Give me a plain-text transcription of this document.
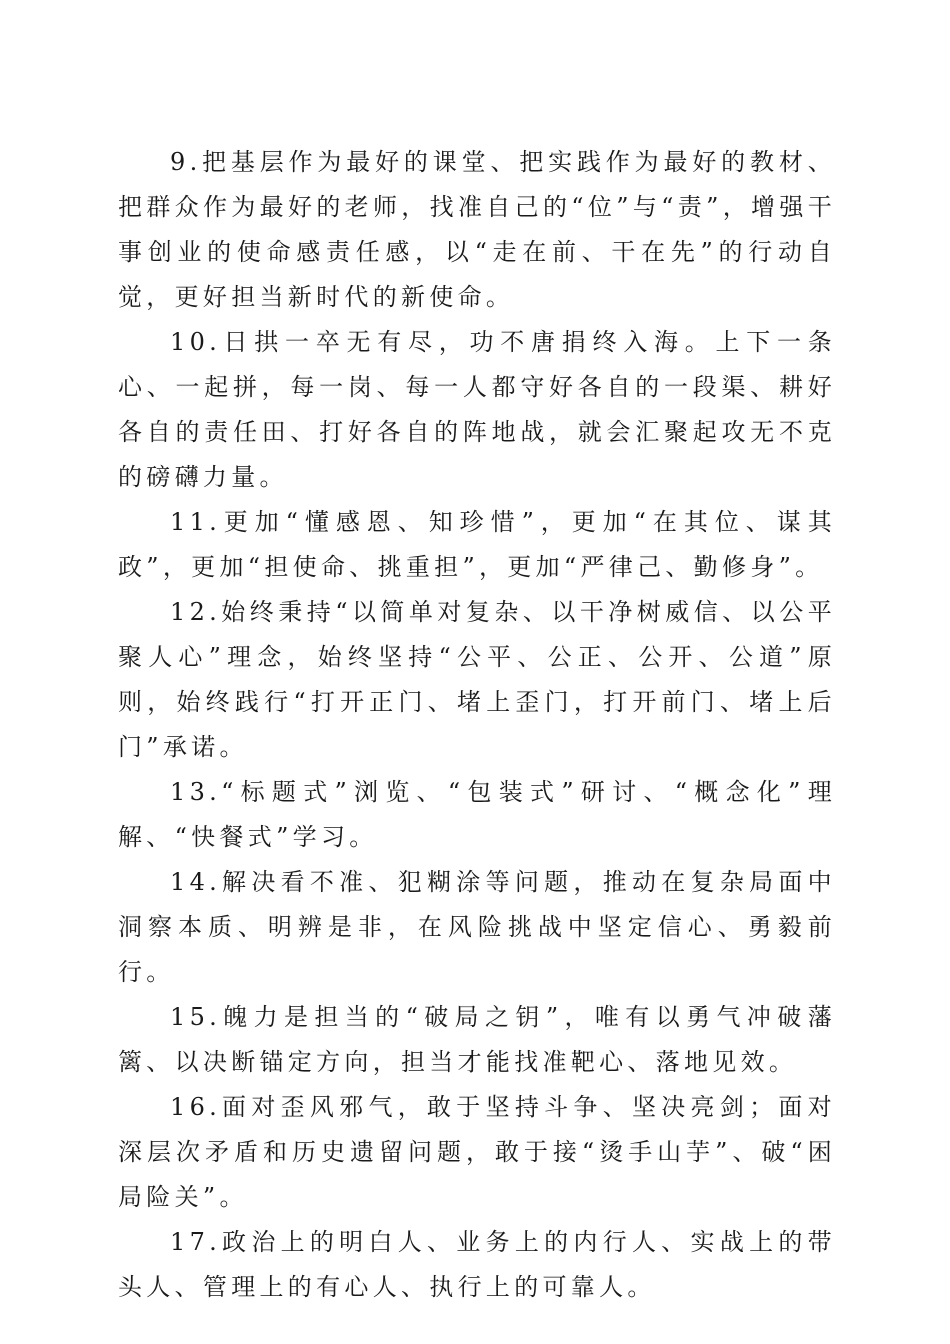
9.把基层作为最好的课堂、把实践作为最好的教材、把群众作为最好的老师，找准自己的“位”与“责”，增强干事创业的使命感责任感，以“走在前、干在先”的行动自觉，更好担当新时代的新使命。

10.日拱一卒无有尽，功不唐捐终入海。上下一条心、一起拼，每一岗、每一人都守好各自的一段渠、耕好各自的责任田、打好各自的阵地战，就会汇聚起攻无不克的磅礴力量。

11.更加“懂感恩、知珍惜”，更加“在其位、谋其政”，更加“担使命、挑重担”，更加“严律己、勤修身”。

12.始终秉持“以简单对复杂、以干净树威信、以公平聚人心”理念，始终坚持“公平、公正、公开、公道”原则，始终践行“打开正门、堵上歪门，打开前门、堵上后门”承诺。

13.“标题式”浏览、“包装式”研讨、“概念化”理解、“快餐式”学习。

14.解决看不准、犯糊涂等问题，推动在复杂局面中洞察本质、明辨是非，在风险挑战中坚定信心、勇毅前行。

15.魄力是担当的“破局之钥”，唯有以勇气冲破藩篱、以决断锚定方向，担当才能找准靶心、落地见效。

16.面对歪风邪气，敢于坚持斗争、坚决亮剑；面对深层次矛盾和历史遗留问题，敢于接“烫手山芋”、破“困局险关”。

17.政治上的明白人、业务上的内行人、实战上的带头人、管理上的有心人、执行上的可靠人。
